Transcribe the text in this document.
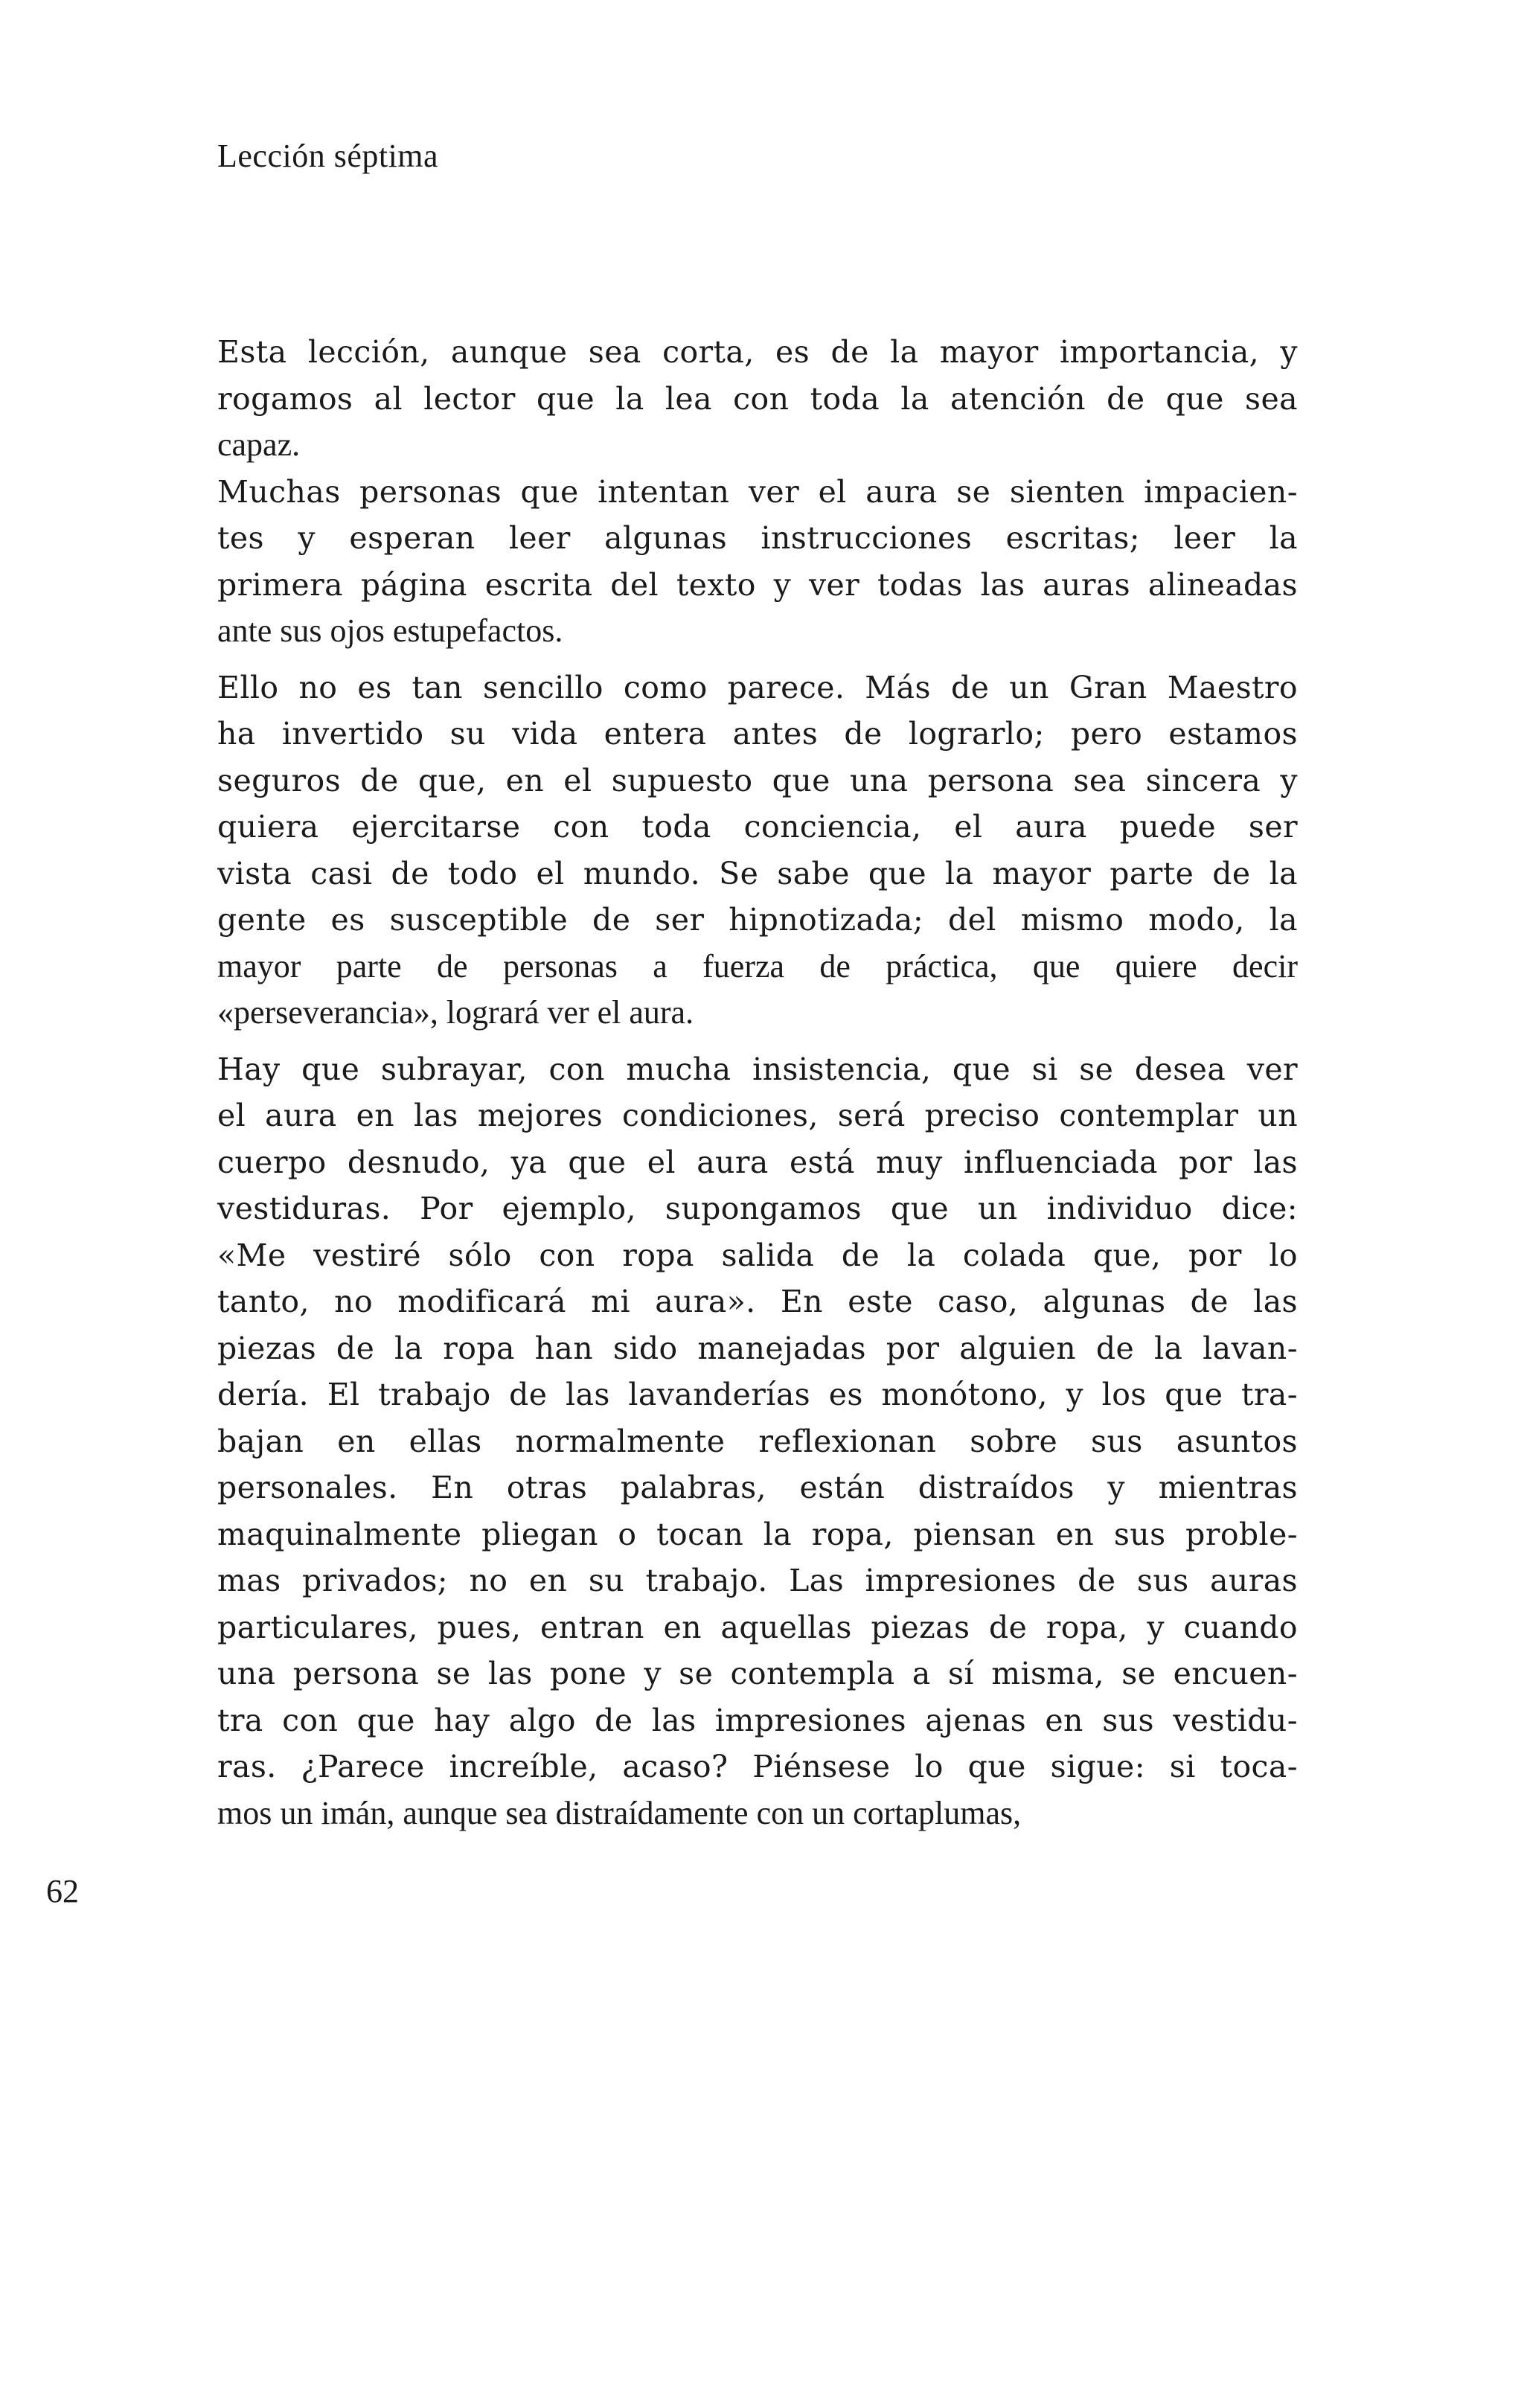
Lección séptima
Esta lección, aunque sea corta, es de la mayor importancia, y
rogamos al lector que la lea con toda la atención de que sea
capaz.
Muchas personas que intentan ver el aura se sienten impacien-
tes y esperan leer algunas instrucciones escritas; leer la
primera página escrita del texto y ver todas las auras alineadas
ante sus ojos estupefactos.
Ello no es tan sencillo como parece. Más de un Gran Maestro
ha invertido su vida entera antes de lograrlo; pero estamos
seguros de que, en el supuesto que una persona sea sincera y
quiera ejercitarse con toda conciencia, el aura puede ser
vista casi de todo el mundo. Se sabe que la mayor parte de la
gente es susceptible de ser hipnotizada; del mismo modo, la
mayor parte de personas a fuerza de práctica, que quiere decir
«perseverancia», logrará ver el aura.
Hay que subrayar, con mucha insistencia, que si se desea ver
el aura en las mejores condiciones, será preciso contemplar un
cuerpo desnudo, ya que el aura está muy influenciada por las
vestiduras. Por ejemplo, supongamos que un individuo dice:
«Me vestiré sólo con ropa salida de la colada que, por lo
tanto, no modificará mi aura». En este caso, algunas de las
piezas de la ropa han sido manejadas por alguien de la lavan-
dería. El trabajo de las lavanderías es monótono, y los que tra-
bajan en ellas normalmente reflexionan sobre sus asuntos
personales. En otras palabras, están distraídos y mientras
maquinalmente pliegan o tocan la ropa, piensan en sus proble-
mas privados; no en su trabajo. Las impresiones de sus auras
particulares, pues, entran en aquellas piezas de ropa, y cuando
una persona se las pone y se contempla a sí misma, se encuen-
tra con que hay algo de las impresiones ajenas en sus vestidu-
ras. ¿Parece increíble, acaso? Piénsese lo que sigue: si toca-
mos un imán, aunque sea distraídamente con un cortaplumas,
62
